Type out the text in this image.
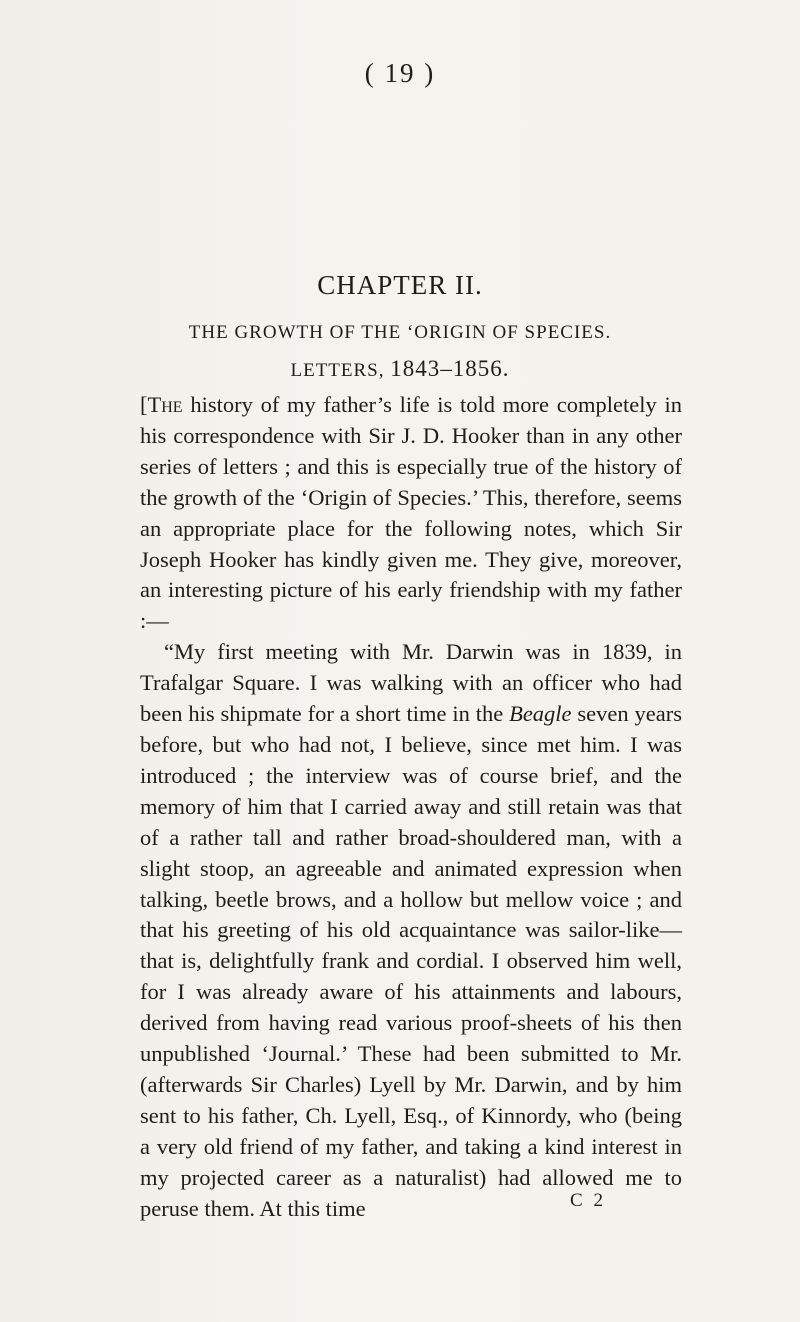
( 19 )
CHAPTER II.
THE GROWTH OF THE ‘ORIGIN OF SPECIES.
LETTERS, 1843–1856.

[The history of my father’s life is told more completely in his correspondence with Sir J. D. Hooker than in any other series of letters ; and this is especially true of the history of the growth of the ‘Origin of Species.’ This, therefore, seems an appropriate place for the following notes, which Sir Joseph Hooker has kindly given me. They give, moreover, an interesting picture of his early friendship with my father :—

“My first meeting with Mr. Darwin was in 1839, in Trafalgar Square. I was walking with an officer who had been his shipmate for a short time in the Beagle seven years before, but who had not, I believe, since met him. I was introduced ; the interview was of course brief, and the memory of him that I carried away and still retain was that of a rather tall and rather broad-shouldered man, with a slight stoop, an agreeable and animated expression when talking, beetle brows, and a hollow but mellow voice ; and that his greeting of his old acquaintance was sailor-like— that is, delightfully frank and cordial. I observed him well, for I was already aware of his attainments and labours, derived from having read various proof-sheets of his then unpublished ‘Journal.’ These had been submitted to Mr. (afterwards Sir Charles) Lyell by Mr. Darwin, and by him sent to his father, Ch. Lyell, Esq., of Kinnordy, who (being a very old friend of my father, and taking a kind interest in my projected career as a naturalist) had allowed me to peruse them. At this time	C 2
